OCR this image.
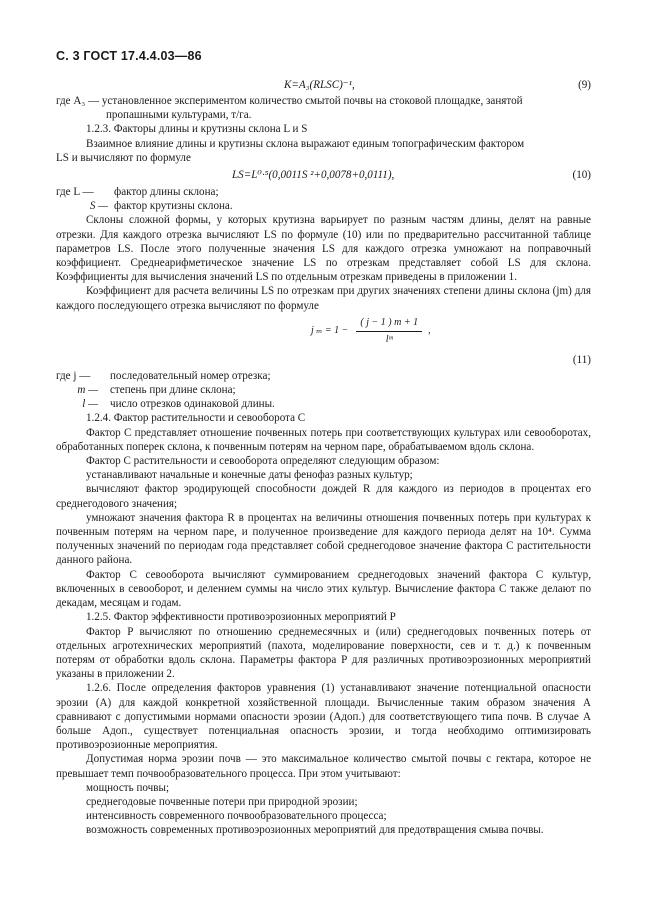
С. 3 ГОСТ 17.4.4.03—86
K=A₃(RLSC)⁻¹,	(9)

где A₃ — установленное экспериментом количество смытой почвы на стоковой площадке, занятой

пропашными культурами, т/га.

1.2.3. Факторы длины и крутизны склона L и S

Взаимное влияние длины и крутизны склона выражают единым топографическим фактором

LS и вычисляют по формуле

LS=L⁰·⁵(0,0011S ²+0,0078+0,0111),	(10)
где L —	фактор длины склона;
S — фактор крутизны склона.

Склоны сложной формы, у которых крутизна варьирует по разным частям длины, делят на равные отрезки. Для каждого отрезка вычисляют LS по формуле (10) или по предварительно рассчитанной таблице параметров LS. После этого полученные значения LS для каждого отрезка умножают на поправочный коэффициент. Среднеарифметическое значение LS по отрезкам представляет собой LS для склона. Коэффициенты для вычисления значений LS по отдельным отрезкам приведены в приложении 1.

Коэффициент для расчета величины LS по отрезкам при других значениях степени длины склона (jm) для каждого последующего отрезка вычисляют по формуле

j $_m = 1 - \frac{( j - 1 ) m + 1}{\text{lᵐ}}$ ,
(11)
где j —	последовательный номер отрезка;
m —	степень при длине склона;
l —	число отрезков одинаковой длины.

1.2.4. Фактор растительности и севооборота C

Фактор C представляет отношение почвенных потерь при соответствующих культурах или севооборотах, обработанных поперек склона, к почвенным потерям на черном паре, обрабатываемом вдоль склона.

Фактор C растительности и севооборота определяют следующим образом:

устанавливают начальные и конечные даты фенофаз разных культур;

вычисляют фактор эродирующей способности дождей R для каждого из периодов в процентах его среднегодового значения;

умножают значения фактора R в процентах на величины отношения почвенных потерь при культурах к почвенным потерям на черном паре, и полученное произведение для каждого периода делят на 10⁴. Сумма полученных значений по периодам года представляет собой среднегодовое значение фактора C растительности данного района.

Фактор C севооборота вычисляют суммированием среднегодовых значений фактора C культур, включенных в севооборот, и делением суммы на число этих культур. Вычисление фактора C также делают по декадам, месяцам и годам.

1.2.5. Фактор эффективности противоэрозионных мероприятий P

Фактор P вычисляют по отношению среднемесячных и (или) среднегодовых почвенных потерь от отдельных агротехнических мероприятий (пахота, моделирование поверхности, сев и т. д.) к почвенным потерям от обработки вдоль склона. Параметры фактора P для различных противоэрозионных мероприятий указаны в приложении 2.

1.2.6. После определения факторов уравнения (1) устанавливают значение потенциальной опасности эрозии (A) для каждой конкретной хозяйственной площади. Вычисленные таким образом значения A сравнивают с допустимыми нормами опасности эрозии (Aдоп.) для соответствующего типа почв. В случае A больше Aдоп., существует потенциальная опасность эрозии, и тогда необходимо оптимизировать противоэрозионные мероприятия.

Допустимая норма эрозии почв — это максимальное количество смытой почвы с гектара, которое не превышает темп почвообразовательного процесса. При этом учитывают:

мощность почвы;

среднегодовые почвенные потери при природной эрозии;

интенсивность современного почвообразовательного процесса;

возможность современных противоэрозионных мероприятий для предотвращения смыва почвы.
